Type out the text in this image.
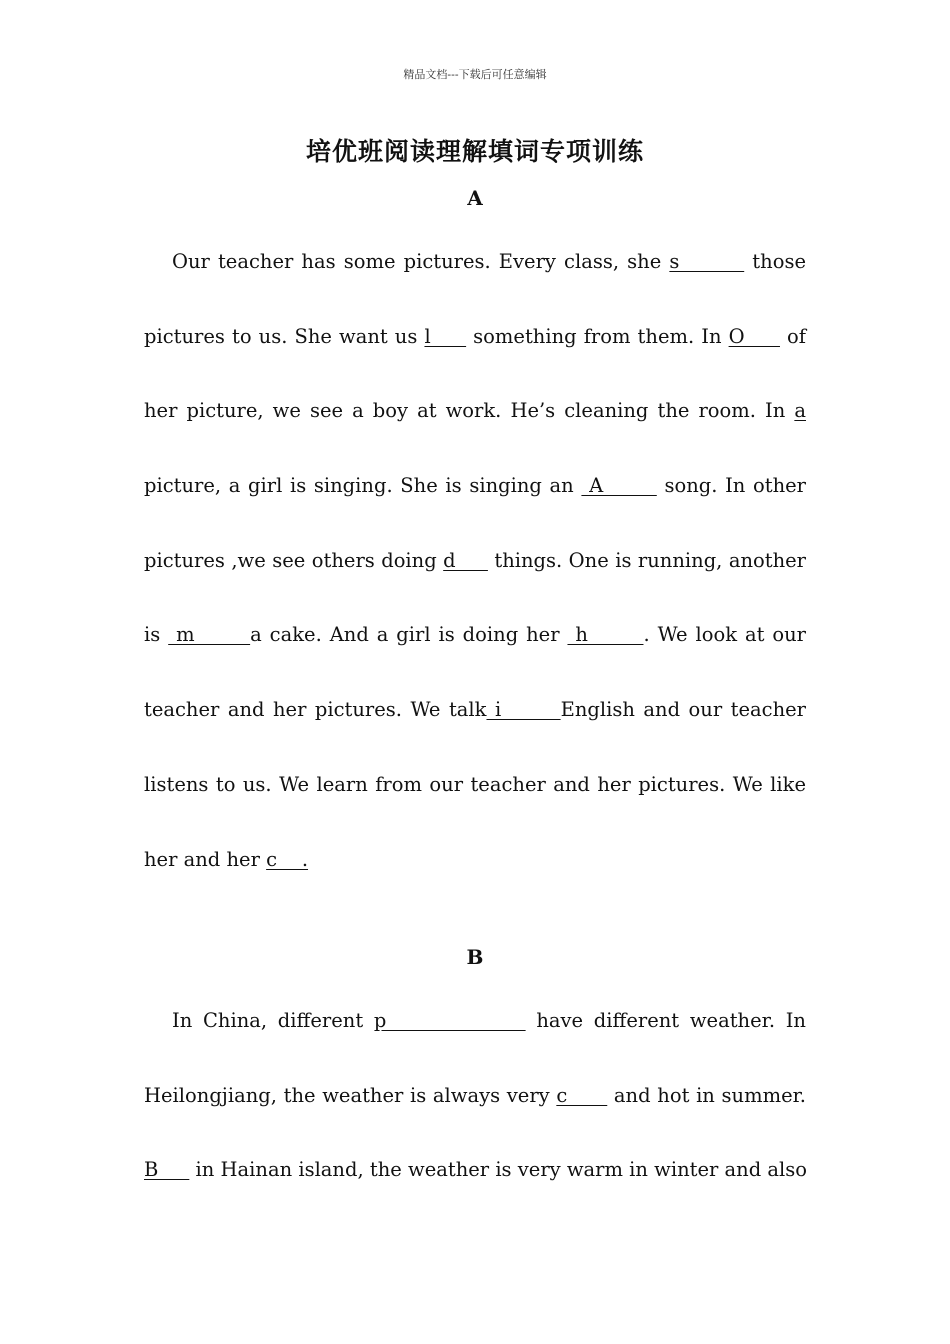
精品文档---下载后可任意编辑
培优班阅读理解填词专项训练
A
Our teacher has some pictures. Every class, she s         those
pictures to us. She want us l      something from them. In O      of
her picture, we see a boy at work. He’s cleaning the room. In a
picture, a girl is singing. She is singing an  A        song. In other
pictures ,we see others doing d      things. One is running, another
is  m       a cake. And a girl is doing her  h       . We look at our
teacher and her pictures. We talk i       English and our teacher
listens to us. We learn from our teacher and her pictures. We like
her and her c    .
B
In China, different p              have different weather. In
Heilongjiang, the weather is always very c       and hot in summer.
B      in Hainan island, the weather is very warm in winter and also
